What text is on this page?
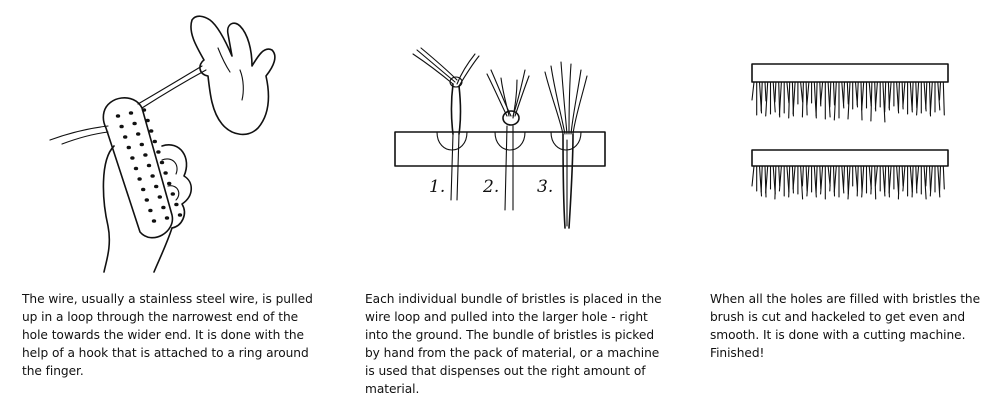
The wire, usually a stainless steel wire, is pulled up in a loop through the narrowest end of the hole towards the wider end. It is done with the help of a hook that is attached to a ring around the finger.
1. 2. 3.
Each individual bundle of bristles is placed in the wire loop and pulled into the larger hole - right into the ground. The bundle of bristles is picked by hand from the pack of material, or a machine is used that dispenses out the right amount of material.
When all the holes are filled with bristles the brush is cut and hackeled to get even and smooth. It is done with a cutting machine. Finished!
